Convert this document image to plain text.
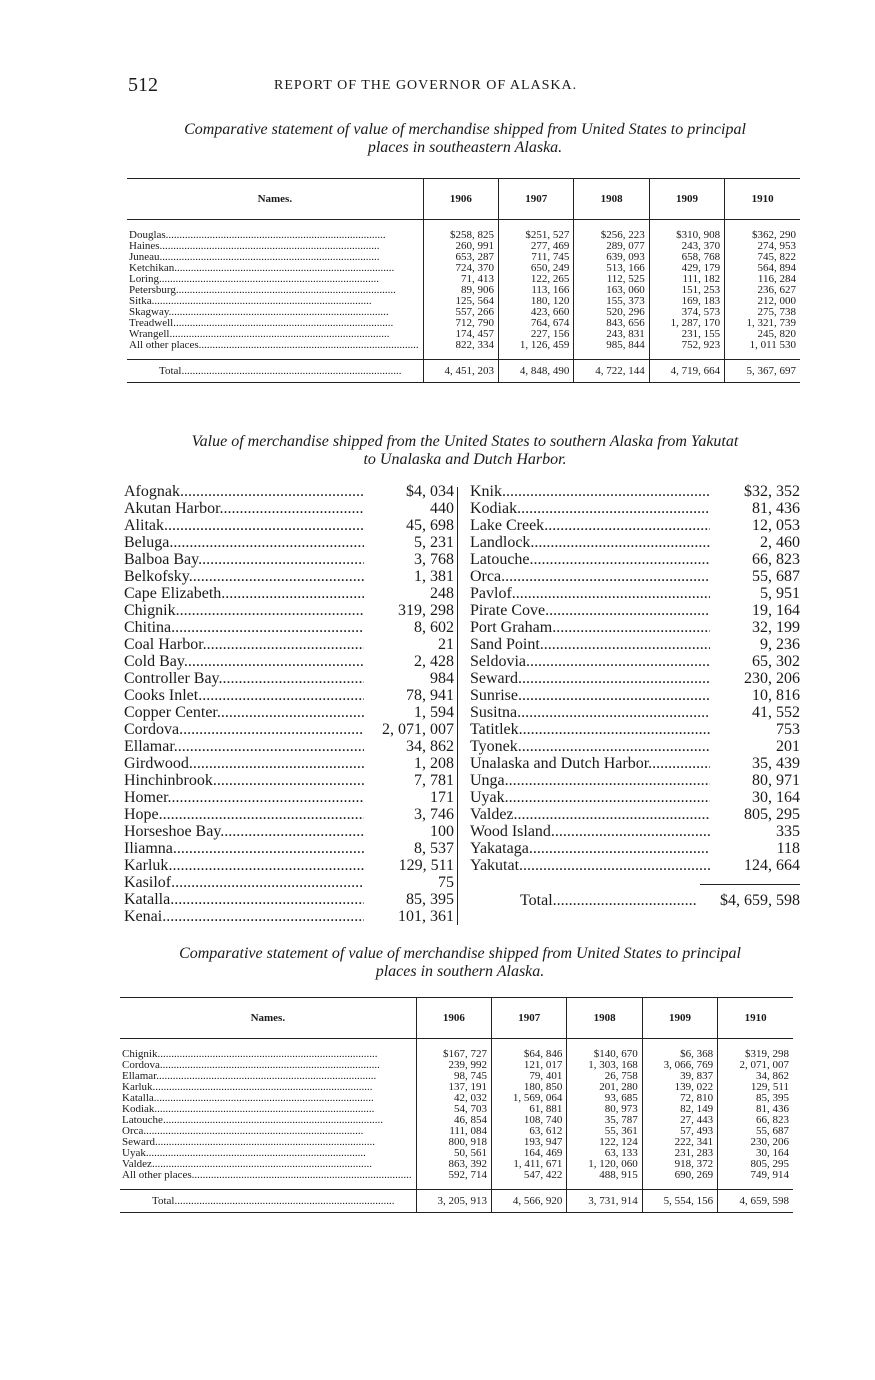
512	REPORT OF THE GOVERNOR OF ALASKA.
Comparative statement of value of merchandise shipped from United States to principal
places in southeastern Alaska.
Names.	1906	1907	1908	1909	1910
Douglas .....	$258, 825	$251, 527	$256, 223	$310, 908	$362, 290
Haines .....	260, 991	277, 469	289, 077	243, 370	274, 953
Juneau .....	653, 287	711, 745	639, 093	658, 768	745, 822
Ketchikan .....	724, 370	650, 249	513, 166	429, 179	564, 894
Loring .....	71, 413	122, 265	112, 525	111, 182	116, 284
Petersburg .....	89, 906	113, 166	163, 060	151, 253	236, 627
Sitka .....	125, 564	180, 120	155, 373	169, 183	212, 000
Skagway .....	557, 266	423, 660	520, 296	374, 573	275, 738
Treadwell .....	712, 790	764, 674	843, 656	1, 287, 170	1, 321, 739
Wrangell .....	174, 457	227, 156	243, 831	231, 155	245, 820
All other places .....	822, 334	1, 126, 459	985, 844	752, 923	1, 011 530
Total .....	4, 451, 203	4, 848, 490	4, 722, 144	4, 719, 664	5, 367, 697
Value of merchandise shipped from the United States to southern Alaska from Yakutat
to Unalaska and Dutch Harbor.
Afognak .....	$4, 034
Akutan Harbor .....	440
Alitak .....	45, 698
Beluga .....	5, 231
Balboa Bay .....	3, 768
Belkofsky .....	1, 381
Cape Elizabeth .....	248
Chignik .....	319, 298
Chitina .....	8, 602
Coal Harbor .....	21
Cold Bay .....	2, 428
Controller Bay .....	984
Cooks Inlet .....	78, 941
Copper Center .....	1, 594
Cordova .....	2, 071, 007
Ellamar .....	34, 862
Girdwood .....	1, 208
Hinchinbrook .....	7, 781
Homer .....	171
Hope .....	3, 746
Horseshoe Bay .....	100
Iliamna .....	8, 537
Karluk .....	129, 511
Kasilof .....	75
Katalla .....	85, 395
Kenai .....	101, 361
Knik .....	$32, 352
Kodiak .....	81, 436
Lake Creek .....	12, 053
Landlock .....	2, 460
Latouche .....	66, 823
Orca .....	55, 687
Pavlof .....	5, 951
Pirate Cove .....	19, 164
Port Graham .....	32, 199
Sand Point .....	9, 236
Seldovia .....	65, 302
Seward .....	230, 206
Sunrise .....	10, 816
Susitna .....	41, 552
Tatitlek .....	753
Tyonek .....	201
Unalaska and Dutch Harbor .....	35, 439
Unga .....	80, 971
Uyak .....	30, 164
Valdez .....	805, 295
Wood Island .....	335
Yakataga .....	118
Yakutat .....	124, 664
Total .....	$4, 659, 598
Comparative statement of value of merchandise shipped from United States to principal
places in southern Alaska.
Names.	1906	1907	1908	1909	1910
Chignik .....	$167, 727	$64, 846	$140, 670	$6, 368	$319, 298
Cordova .....	239, 992	121, 017	1, 303, 168	3, 066, 769	2, 071, 007
Ellamar .....	98, 745	79, 401	26, 758	39, 837	34, 862
Karluk .....	137, 191	180, 850	201, 280	139, 022	129, 511
Katalla .....	42, 032	1, 569, 064	93, 685	72, 810	85, 395
Kodiak .....	54, 703	61, 881	80, 973	82, 149	81, 436
Latouche .....	46, 854	108, 740	35, 787	27, 443	66, 823
Orca .....	111, 084	63, 612	55, 361	57, 493	55, 687
Seward .....	800, 918	193, 947	122, 124	222, 341	230, 206
Uyak .....	50, 561	164, 469	63, 133	231, 283	30, 164
Valdez .....	863, 392	1, 411, 671	1, 120, 060	918, 372	805, 295
All other places .....	592, 714	547, 422	488, 915	690, 269	749, 914
Total .....	3, 205, 913	4, 566, 920	3, 731, 914	5, 554, 156	4, 659, 598
